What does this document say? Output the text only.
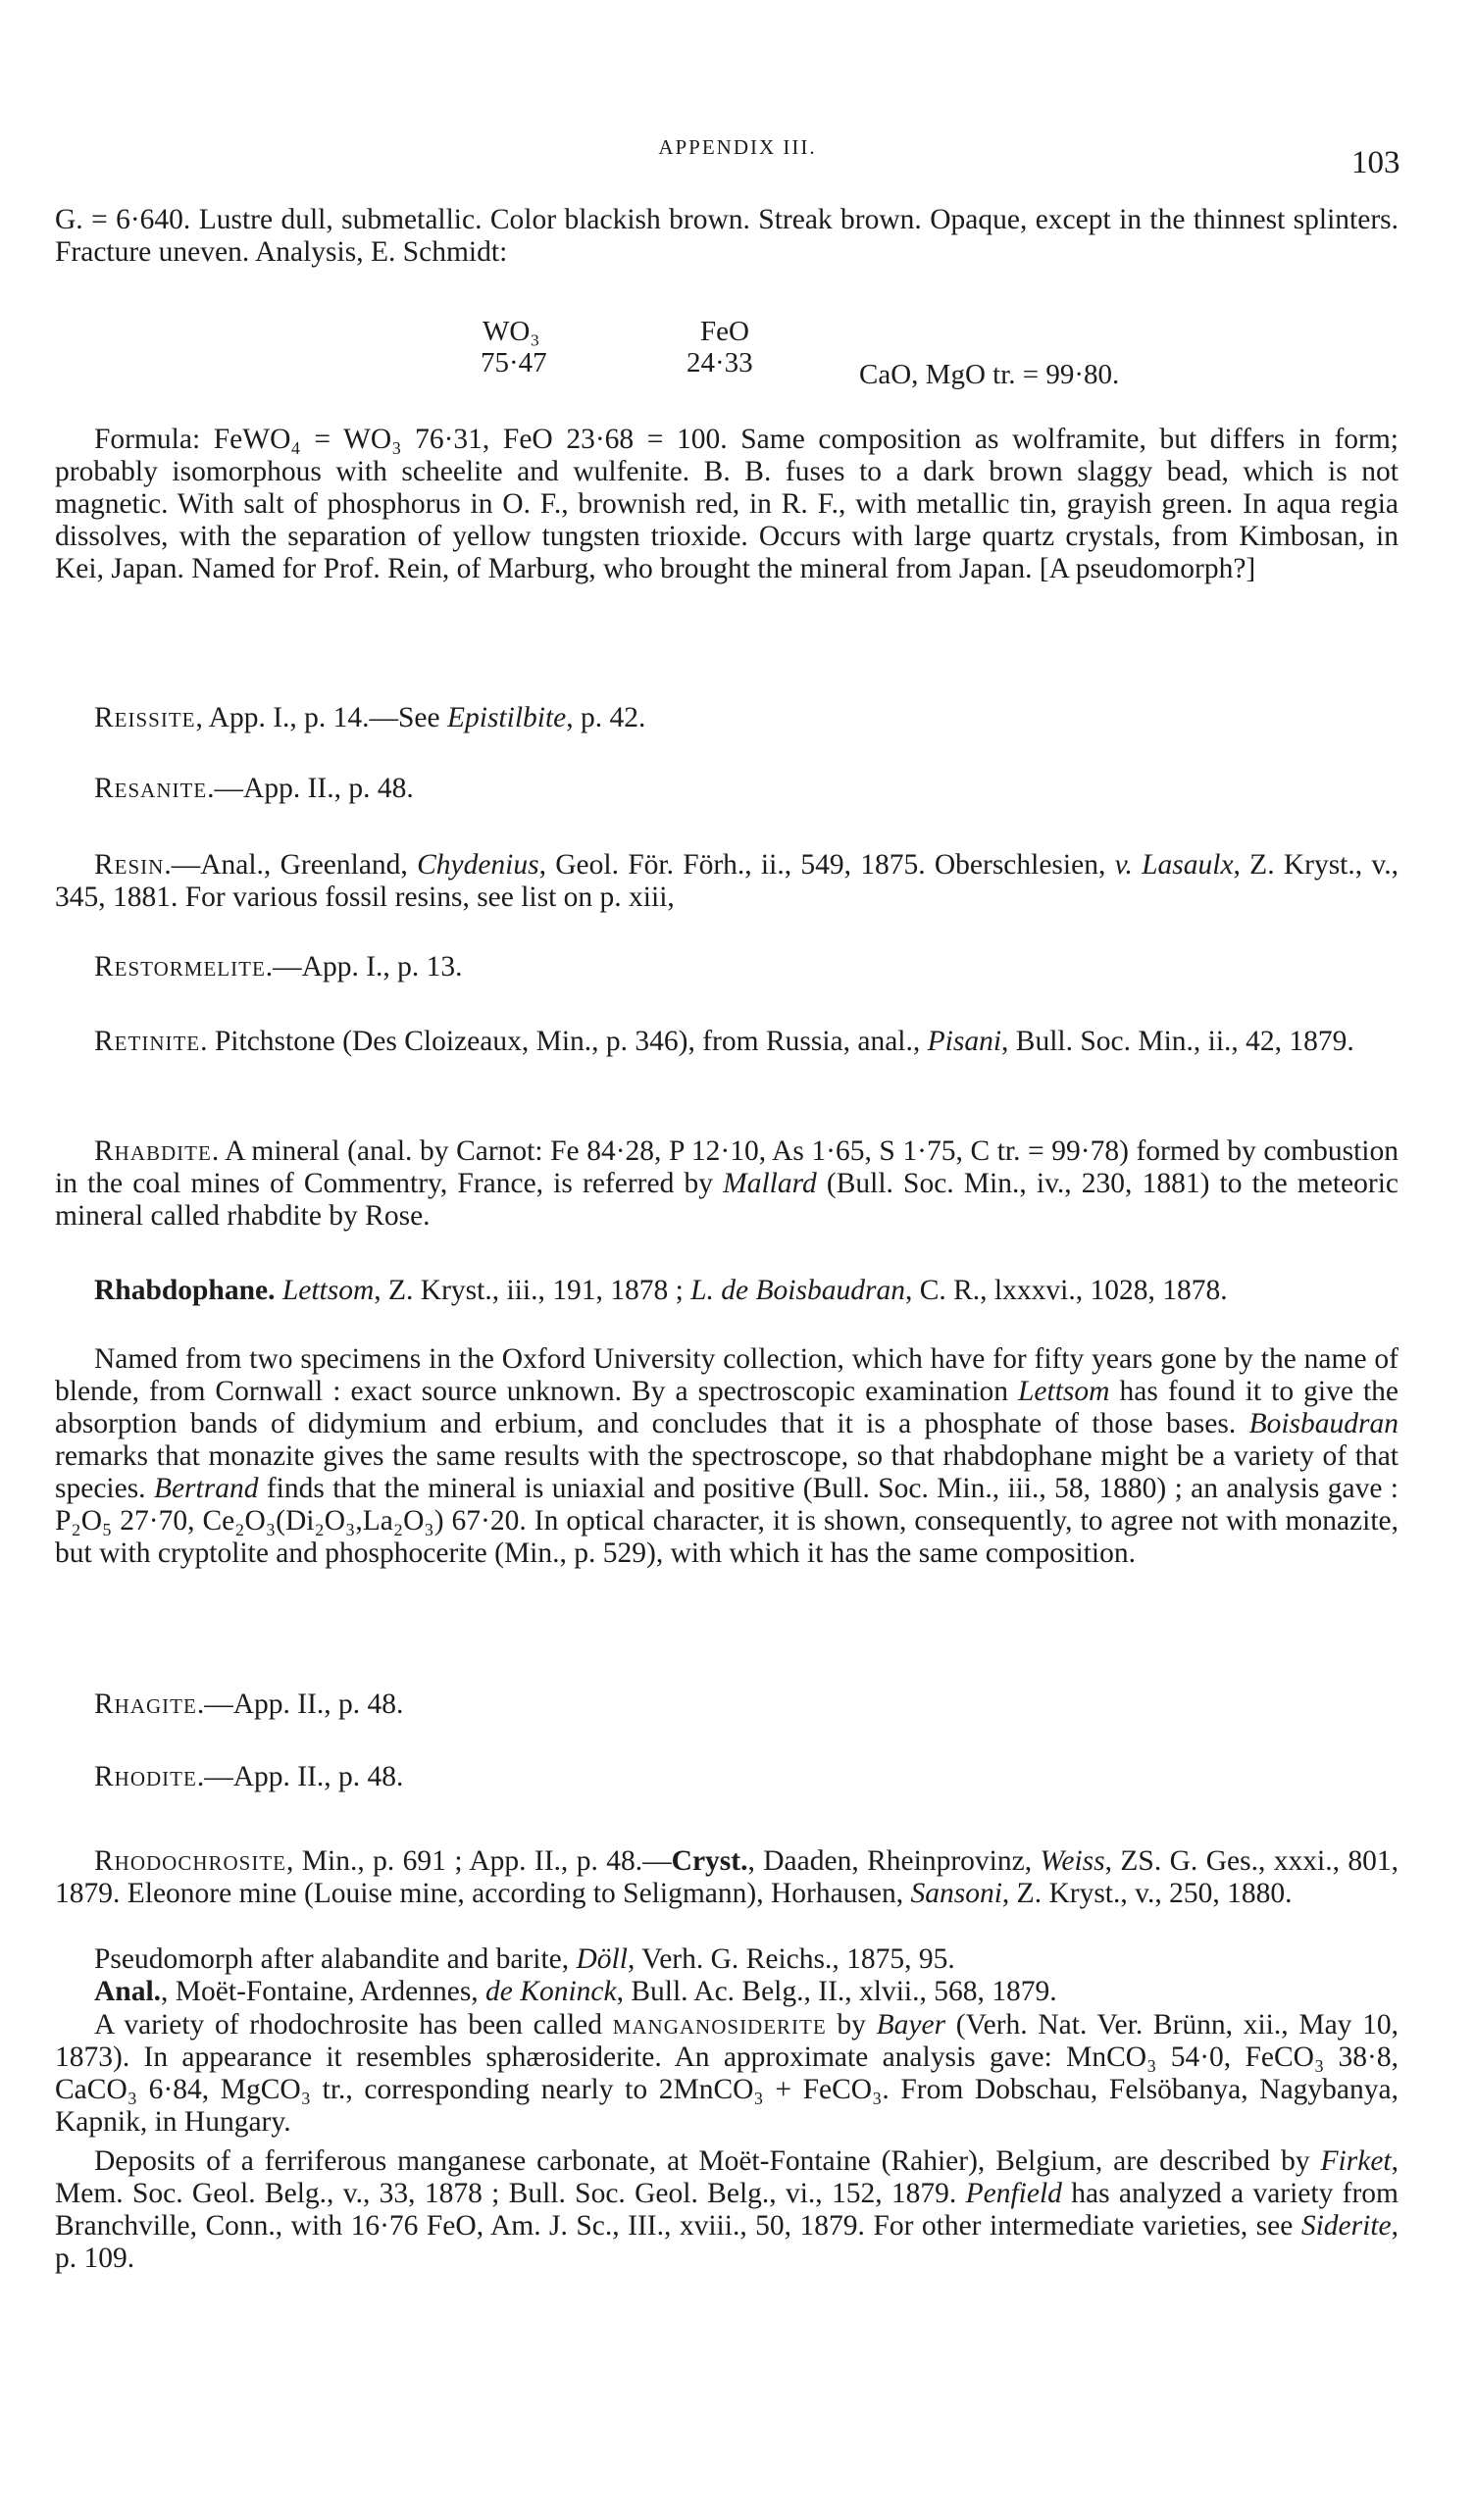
APPENDIX III.	103

G. = 6·640. Lustre dull, submetallic. Color blackish brown. Streak brown. Opaque, except in the thinnest splinters. Fracture uneven. Analysis, E. Schmidt:

WO₃
75·47
FeO
24·33	CaO, MgO tr. = 99·80.

Formula: FeWO₄ = WO₃ 76·31, FeO 23·68 = 100. Same composition as wolframite, but differs in form; probably isomorphous with scheelite and wulfenite. B. B. fuses to a dark brown slaggy bead, which is not magnetic. With salt of phosphorus in O. F., brownish red, in R. F., with metallic tin, grayish green. In aqua regia dissolves, with the separation of yellow tungsten trioxide. Occurs with large quartz crystals, from Kimbosan, in Kei, Japan. Named for Prof. Rein, of Marburg, who brought the mineral from Japan. [A pseudomorph?]

Reissite, App. I., p. 14.—See Epistilbite, p. 42.

Resanite.—App. II., p. 48.

Resin.—Anal., Greenland, Chydenius, Geol. För. Förh., ii., 549, 1875. Oberschlesien, v. Lasaulx, Z. Kryst., v., 345, 1881. For various fossil resins, see list on p. xiii,

Restormelite.—App. I., p. 13.

Retinite. Pitchstone (Des Cloizeaux, Min., p. 346), from Russia, anal., Pisani, Bull. Soc. Min., ii., 42, 1879.

Rhabdite. A mineral (anal. by Carnot: Fe 84·28, P 12·10, As 1·65, S 1·75, C tr. = 99·78) formed by combustion in the coal mines of Commentry, France, is referred by Mallard (Bull. Soc. Min., iv., 230, 1881) to the meteoric mineral called rhabdite by Rose.

Rhabdophane. Lettsom, Z. Kryst., iii., 191, 1878 ; L. de Boisbaudran, C. R., lxxxvi., 1028, 1878.

Named from two specimens in the Oxford University collection, which have for fifty years gone by the name of blende, from Cornwall : exact source unknown. By a spectroscopic examination Lettsom has found it to give the absorption bands of didymium and erbium, and concludes that it is a phosphate of those bases. Boisbaudran remarks that monazite gives the same results with the spectroscope, so that rhabdophane might be a variety of that species. Bertrand finds that the mineral is uniaxial and positive (Bull. Soc. Min., iii., 58, 1880) ; an analysis gave : P₂O₅ 27·70, Ce₂O₃(Di₂O₃,La₂O₃) 67·20. In optical character, it is shown, consequently, to agree not with monazite, but with cryptolite and phosphocerite (Min., p. 529), with which it has the same composition.

Rhagite.—App. II., p. 48.

Rhodite.—App. II., p. 48.

Rhodochrosite, Min., p. 691 ; App. II., p. 48.—Cryst., Daaden, Rheinprovinz, Weiss, ZS. G. Ges., xxxi., 801, 1879. Eleonore mine (Louise mine, according to Seligmann), Horhausen, Sansoni, Z. Kryst., v., 250, 1880.

Pseudomorph after alabandite and barite, Döll, Verh. G. Reichs., 1875, 95.

Anal., Moët-Fontaine, Ardennes, de Koninck, Bull. Ac. Belg., II., xlvii., 568, 1879.

A variety of rhodochrosite has been called manganosiderite by Bayer (Verh. Nat. Ver. Brünn, xii., May 10, 1873). In appearance it resembles sphærosiderite. An approximate analysis gave: MnCO₃ 54·0, FeCO₃ 38·8, CaCO₃ 6·84, MgCO₃ tr., corresponding nearly to 2MnCO₃ + FeCO₃. From Dobschau, Felsöbanya, Nagybanya, Kapnik, in Hungary.

Deposits of a ferriferous manganese carbonate, at Moët-Fontaine (Rahier), Belgium, are described by Firket, Mem. Soc. Geol. Belg., v., 33, 1878 ; Bull. Soc. Geol. Belg., vi., 152, 1879. Penfield has analyzed a variety from Branchville, Conn., with 16·76 FeO, Am. J. Sc., III., xviii., 50, 1879. For other intermediate varieties, see Siderite, p. 109.
